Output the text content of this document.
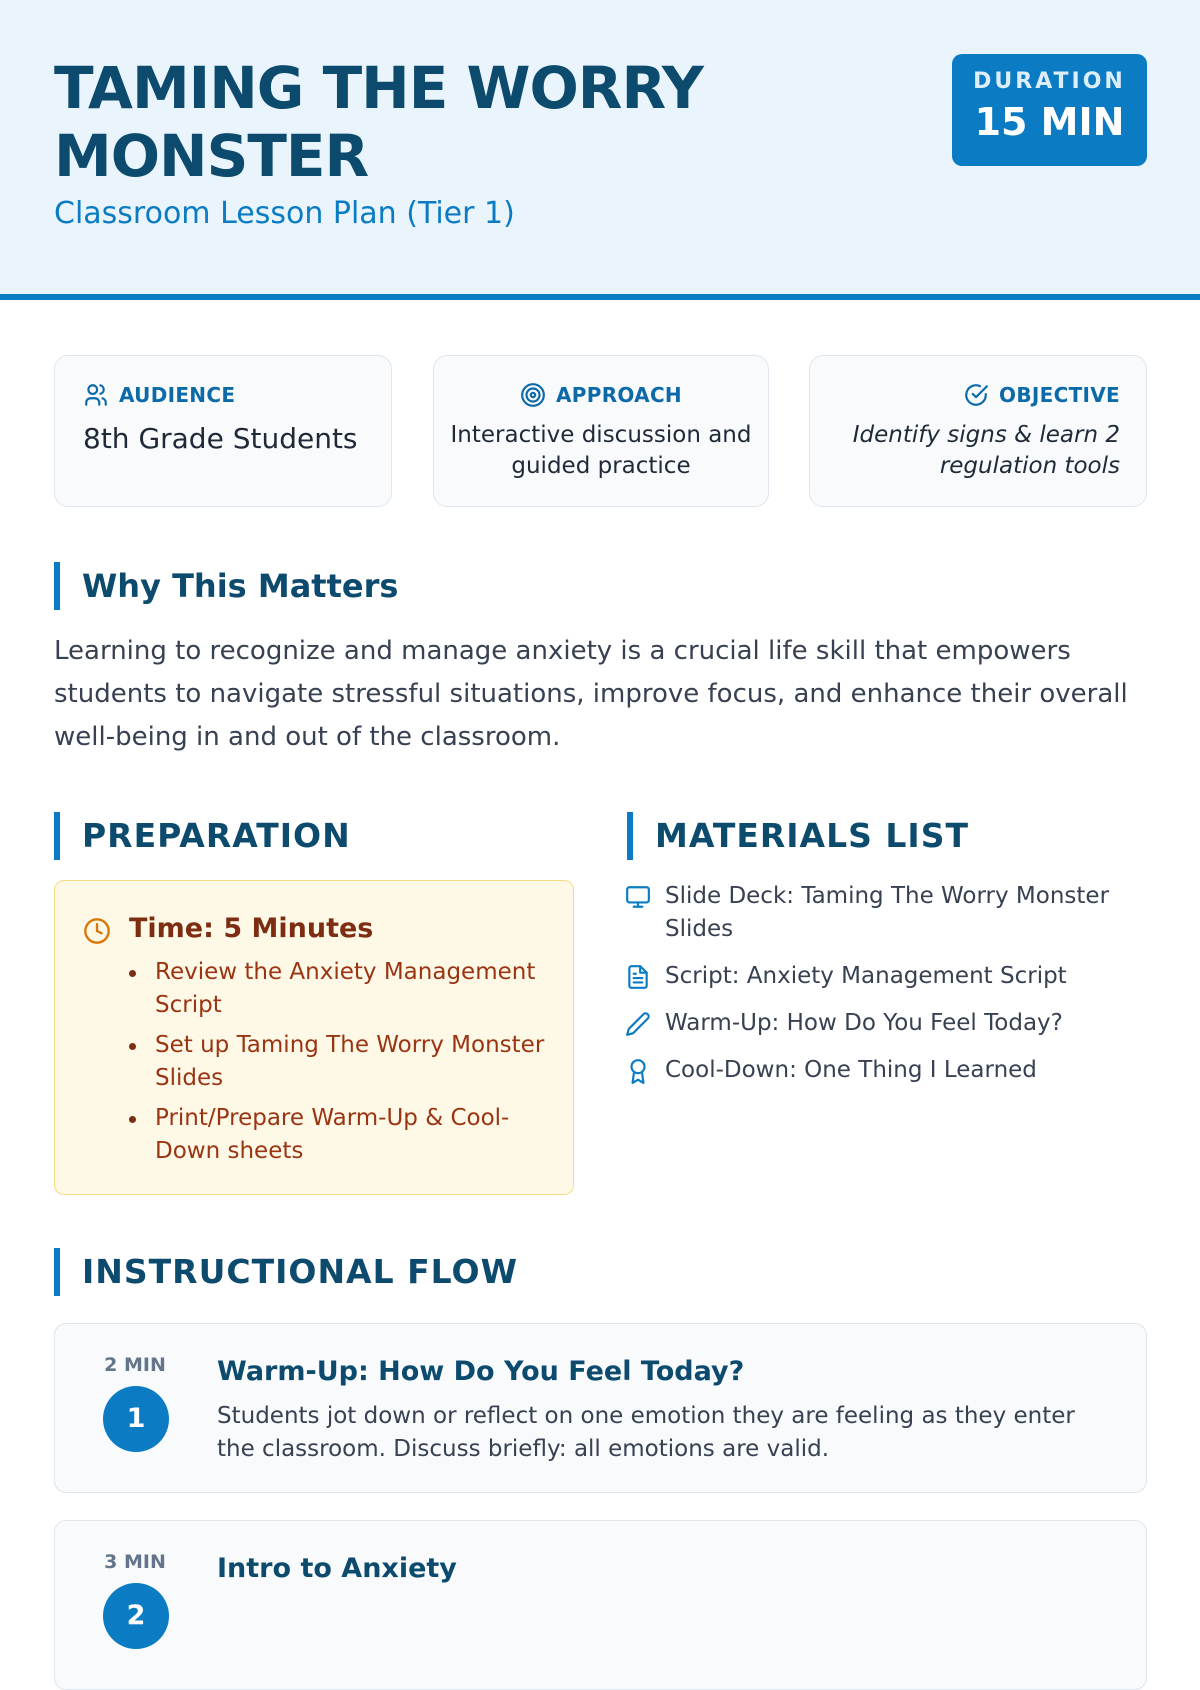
TAMING THE WORRY MONSTER
Classroom Lesson Plan (Tier 1)
DURATION
15 MIN
AUDIENCE
8th Grade Students
APPROACH
Interactive discussion and guided practice
OBJECTIVE
Identify signs & learn 2 regulation tools
Why This Matters

Learning to recognize and manage anxiety is a crucial life skill that empowers students to navigate stressful situations, improve focus, and enhance their overall well-being in and out of the classroom.

PREPARATION	MATERIALS LIST
Time: 5 Minutes
Review the Anxiety Management Script
Set up Taming The Worry Monster Slides
Print/Prepare Warm-Up & Cool-Down sheets
Slide Deck: Taming The Worry Monster Slides
Script: Anxiety Management Script
Warm-Up: How Do You Feel Today?
Cool-Down: One Thing I Learned
INSTRUCTIONAL FLOW
2 MIN
1
Warm-Up: How Do You Feel Today?
Students jot down or reflect on one emotion they are feeling as they enter the classroom. Discuss briefly: all emotions are valid.
3 MIN
2
Intro to Anxiety
